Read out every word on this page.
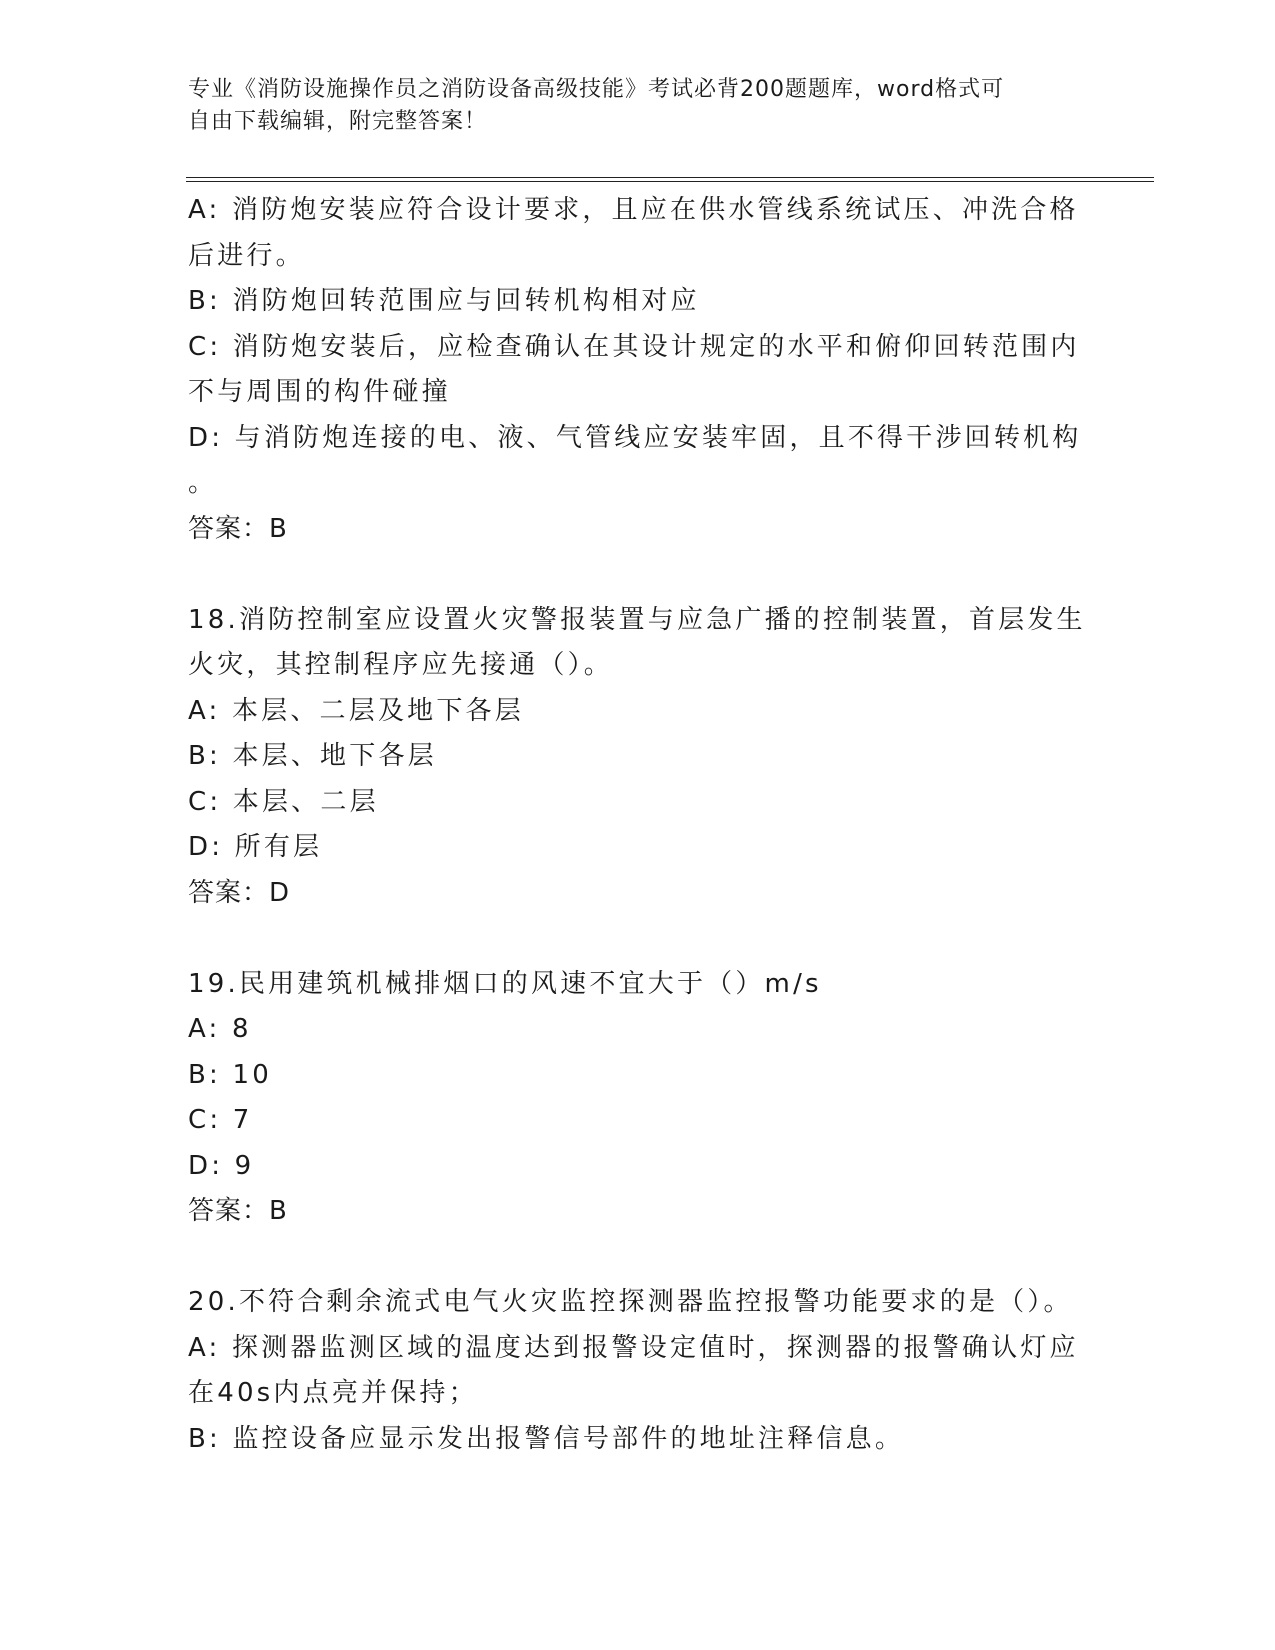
专业《消防设施操作员之消防设备高级技能》考试必背200题题库，word格式可
自由下载编辑，附完整答案！

A: 消防炮安装应符合设计要求，且应在供水管线系统试压、冲洗合格

后进行。

B: 消防炮回转范围应与回转机构相对应

C: 消防炮安装后，应检查确认在其设计规定的水平和俯仰回转范围内

不与周围的构件碰撞

D: 与消防炮连接的电、液、气管线应安装牢固，且不得干涉回转机构

。

答案：B

18.消防控制室应设置火灾警报装置与应急广播的控制装置，首层发生

火灾，其控制程序应先接通（）。

A: 本层、二层及地下各层

B: 本层、地下各层

C: 本层、二层

D: 所有层

答案：D

19.民用建筑机械排烟口的风速不宜大于（）m/s

A: 8

B: 10

C: 7

D: 9

答案：B

20.不符合剩余流式电气火灾监控探测器监控报警功能要求的是（）。

A: 探测器监测区域的温度达到报警设定值时，探测器的报警确认灯应

在40s内点亮并保持；

B: 监控设备应显示发出报警信号部件的地址注释信息。
